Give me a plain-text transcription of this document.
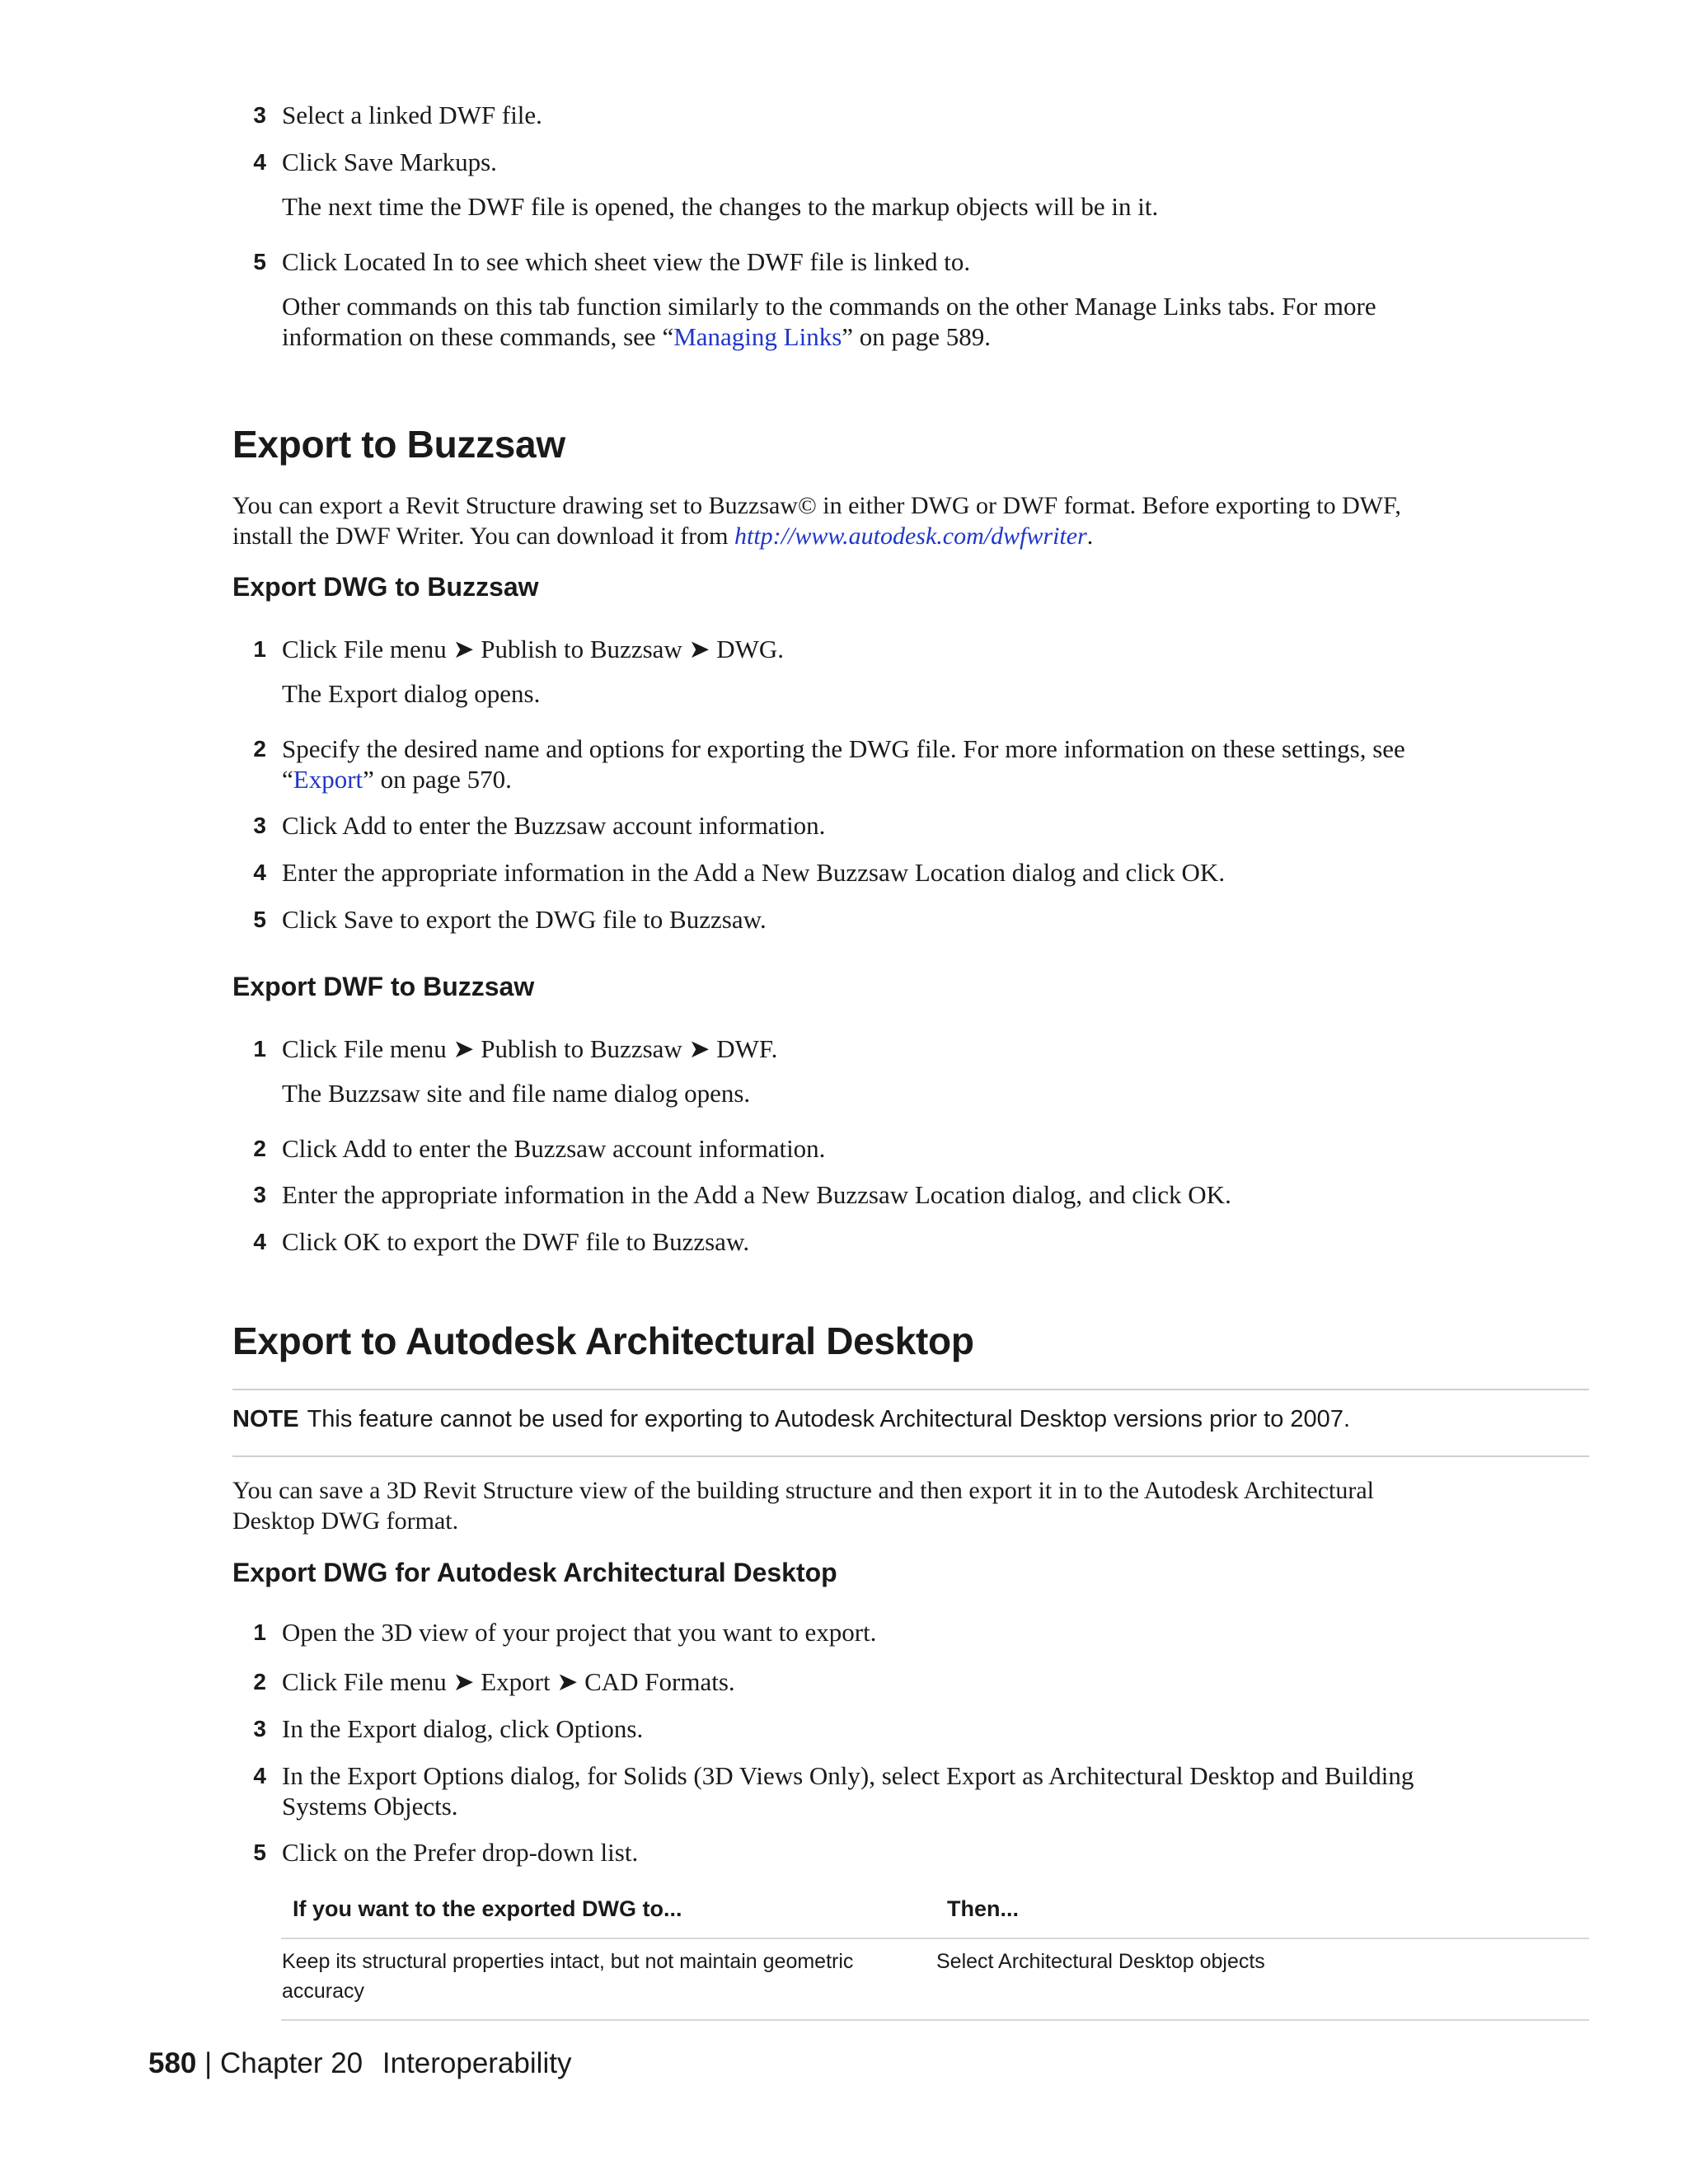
3 Select a linked DWF file.
4 Click Save Markups.
The next time the DWF file is opened, the changes to the markup objects will be in it.
5 Click Located In to see which sheet view the DWF file is linked to.
Other commands on this tab function similarly to the commands on the other Manage Links tabs. For more
information on these commands, see “Managing Links” on page 589.
Export to Buzzsaw
You can export a Revit Structure drawing set to Buzzsaw© in either DWG or DWF format. Before exporting to DWF,
install the DWF Writer. You can download it from http://www.autodesk.com/dwfwriter.
Export DWG to Buzzsaw
1 Click File menu ➤ Publish to Buzzsaw ➤ DWG.
The Export dialog opens.
2 Specify the desired name and options for exporting the DWG file. For more information on these settings, see
“Export” on page 570.
3 Click Add to enter the Buzzsaw account information.
4 Enter the appropriate information in the Add a New Buzzsaw Location dialog and click OK.
5 Click Save to export the DWG file to Buzzsaw.
Export DWF to Buzzsaw
1 Click File menu ➤ Publish to Buzzsaw ➤ DWF.
The Buzzsaw site and file name dialog opens.
2 Click Add to enter the Buzzsaw account information.
3 Enter the appropriate information in the Add a New Buzzsaw Location dialog, and click OK.
4 Click OK to export the DWF file to Buzzsaw.
Export to Autodesk Architectural Desktop
NOTE This feature cannot be used for exporting to Autodesk Architectural Desktop versions prior to 2007.
You can save a 3D Revit Structure view of the building structure and then export it in to the Autodesk Architectural
Desktop DWG format.
Export DWG for Autodesk Architectural Desktop
1 Open the 3D view of your project that you want to export.
2 Click File menu ➤ Export ➤ CAD Formats.
3 In the Export dialog, click Options.
4 In the Export Options dialog, for Solids (3D Views Only), select Export as Architectural Desktop and Building
Systems Objects.
5 Click on the Prefer drop-down list.
If you want to the exported DWG to...	Then...
Keep its structural properties intact, but not maintain geometric
accuracy
Select Architectural Desktop objects
580 | Chapter 20 Interoperability
